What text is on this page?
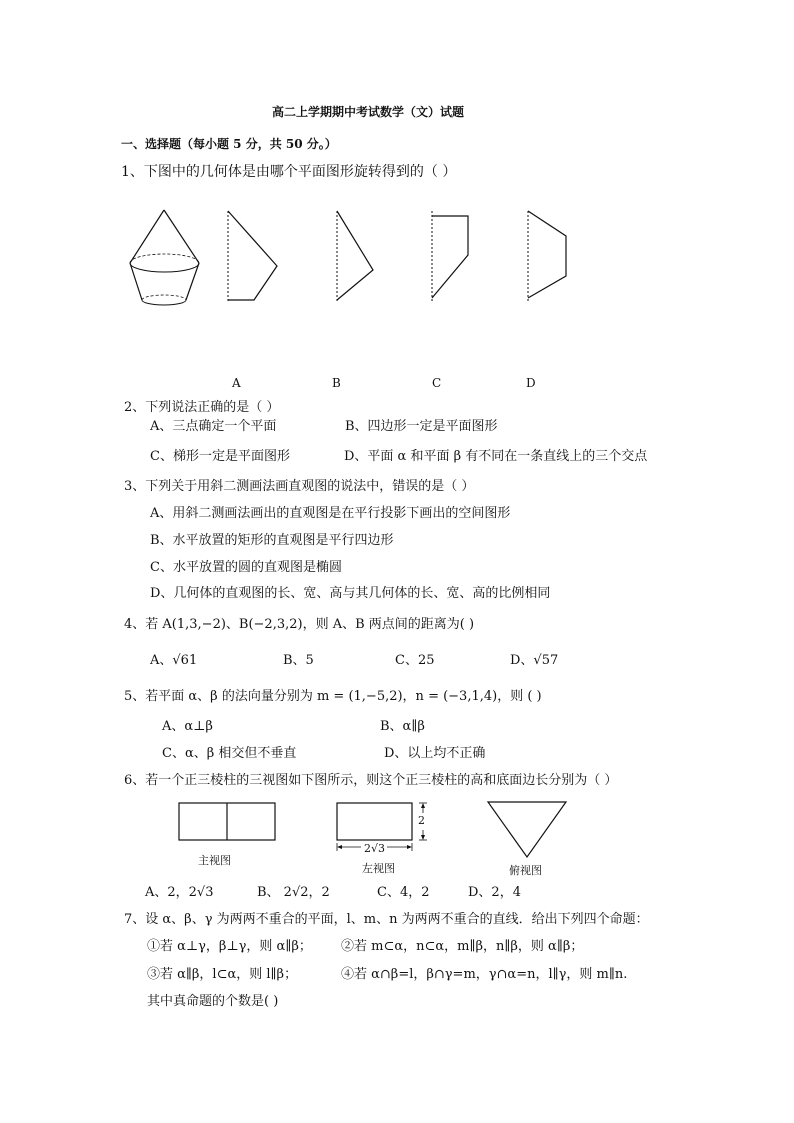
高二上学期期中考试数学（文）试题
一、选择题（每小题 5 分，共 50 分。）
1、下图中的几何体是由哪个平面图形旋转得到的（ ）
A	B	C	D
2、下列说法正确的是（ ）
A、三点确定一个平面	B、四边形一定是平面图形
C、梯形一定是平面图形	D、平面 α 和平面 β 有不同在一条直线上的三个交点
3、下列关于用斜二测画法画直观图的说法中，错误的是（ ）
A、用斜二测画法画出的直观图是在平行投影下画出的空间图形
B、水平放置的矩形的直观图是平行四边形
C、水平放置的圆的直观图是椭圆
D、几何体的直观图的长、宽、高与其几何体的长、宽、高的比例相同
4、若 A(1,3,−2)、B(−2,3,2)，则 A、B 两点间的距离为( )
A、√61	B、5	C、25	D、√57
5、若平面 α、β 的法向量分别为 m = (1,−5,2)，n = (−3,1,4)，则 ( )
A、α⊥β	B、α∥β
C、α、β 相交但不垂直	D、以上均不正确
6、若一个正三棱柱的三视图如下图所示，则这个正三棱柱的高和底面边长分别为（ ）
主视图
2
2√3
左视图	俯视图
A、2，2√3	B、 2√2，2	C、4，2	D、2，4
7、设 α、β、γ 为两两不重合的平面，l、m、n 为两两不重合的直线．给出下列四个命题：
①若 α⊥γ，β⊥γ，则 α∥β； ②若 m⊂α，n⊂α，m∥β，n∥β，则 α∥β；
③若 α∥β，l⊂α，则 l∥β；	④若 α∩β=l，β∩γ=m，γ∩α=n，l∥γ，则 m∥n.
其中真命题的个数是( )
